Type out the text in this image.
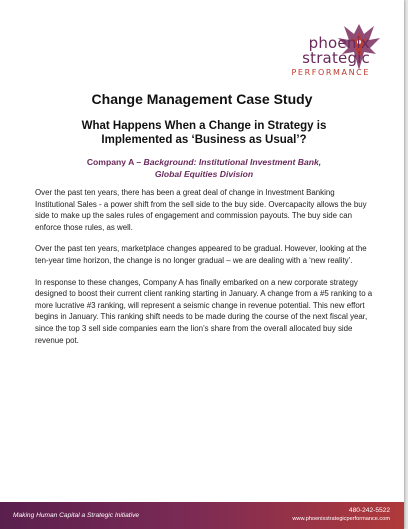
phoenix
strategic
PERFORMANCE
Change Management Case Study
What Happens When a Change in Strategy is
Implemented as ‘Business as Usual’?
Company A – Background: Institutional Investment Bank,
Global Equities Division

Over the past ten years, there has been a great deal of change in Investment Banking Institutional Sales - a power shift from the sell side to the buy side. Overcapacity allows the buy side to make up the sales rules of engagement and commission payouts. The buy side can enforce those rules, as well.

Over the past ten years, marketplace changes appeared to be gradual. However, looking at the ten-year time horizon, the change is no longer gradual – we are dealing with a ‘new reality’.

In response to these changes, Company A has finally embarked on a new corporate strategy designed to boost their current client ranking starting in January. A change from a #5 ranking to a more lucrative #3 ranking, will represent a seismic change in revenue potential. This new effort begins in January. This ranking shift needs to be made during the course of the next fiscal year, since the top 3 sell side companies earn the lion’s share from the overall allocated buy side revenue pot.

Making Human Capital a Strategic Initiative
480-242-5522
www.phoenixstrategicperformance.com
